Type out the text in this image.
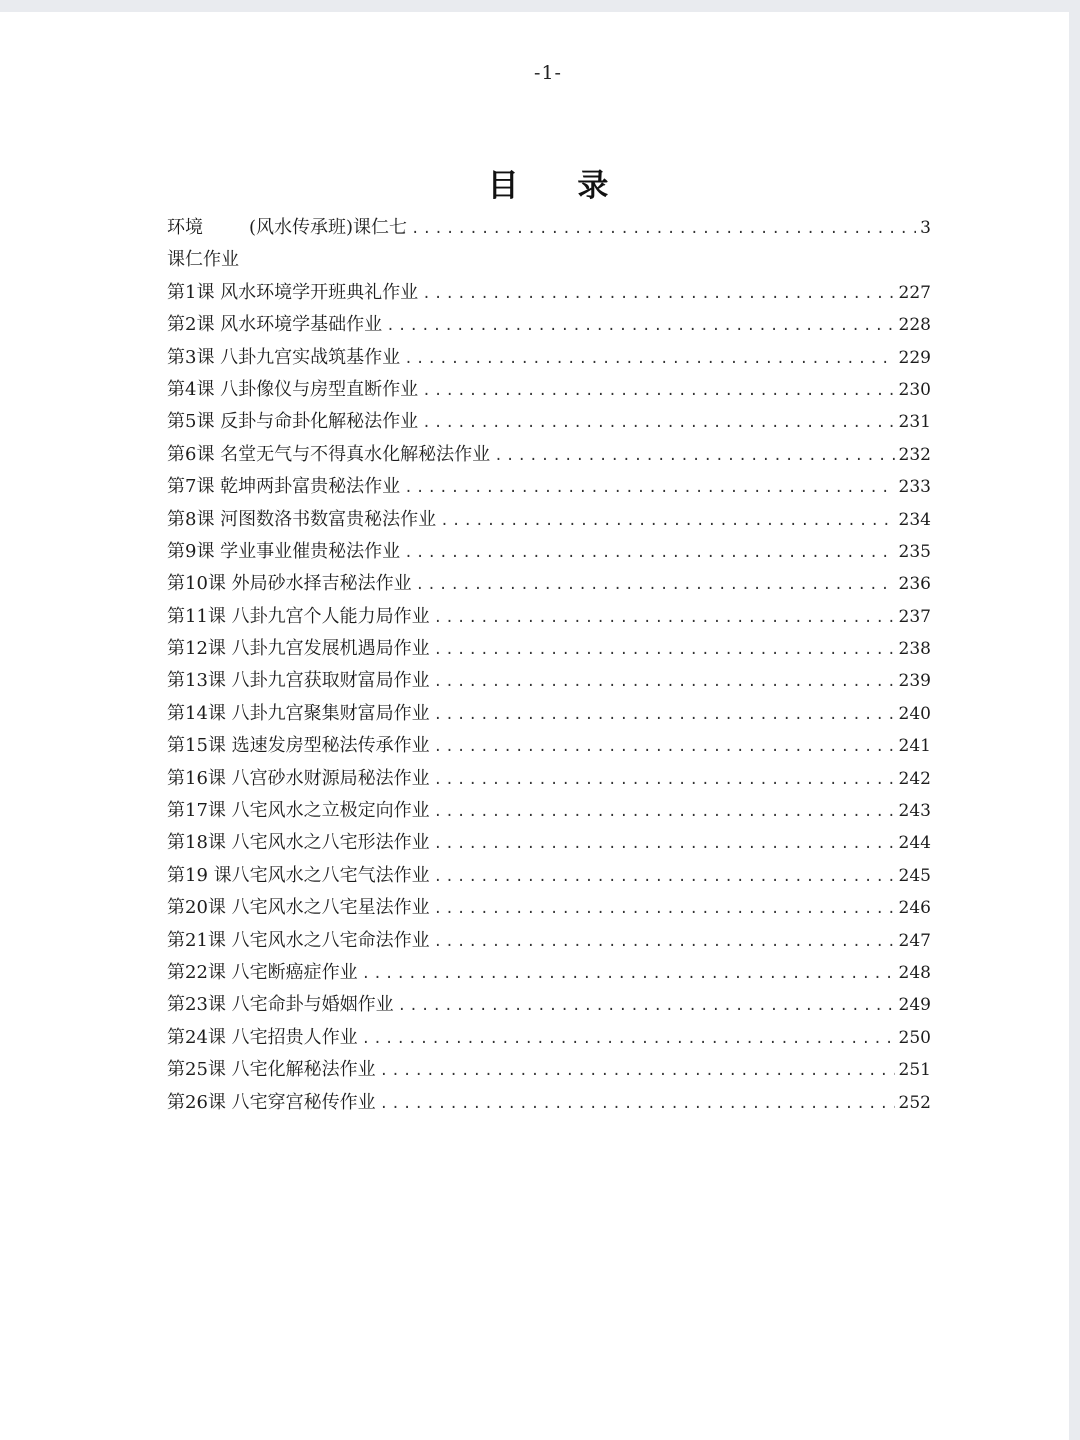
-1-
目 录
环境	(风水传承班)课仁七 .....	3
课仁作业
第1课 风水环境学开班典礼作业 .....	227
第2课 风水环境学基础作业 .....	228
第3课 八卦九宫实战筑基作业 .....	229
第4课 八卦像仪与房型直断作业 .....	230
第5课 反卦与命卦化解秘法作业 .....	231
第6课 名堂无气与不得真水化解秘法作业 .....	232
第7课 乾坤两卦富贵秘法作业 .....	233
第8课 河图数洛书数富贵秘法作业 .....	234
第9课 学业事业催贵秘法作业 .....	235
第10课 外局砂水择吉秘法作业 .....	236
第11课 八卦九宫个人能力局作业 .....	237
第12课 八卦九宫发展机遇局作业 .....	238
第13课 八卦九宫获取财富局作业 .....	239
第14课 八卦九宫聚集财富局作业 .....	240
第15课 选速发房型秘法传承作业 .....	241
第16课 八宫砂水财源局秘法作业 .....	242
第17课 八宅风水之立极定向作业 .....	243
第18课 八宅风水之八宅形法作业 .....	244
第19 课八宅风水之八宅气法作业 .....	245
第20课 八宅风水之八宅星法作业 .....	246
第21课 八宅风水之八宅命法作业 .....	247
第22课 八宅断癌症作业 .....	248
第23课 八宅命卦与婚姻作业 .....	249
第24课 八宅招贵人作业 .....	250
第25课 八宅化解秘法作业 .....	251
第26课 八宅穿宫秘传作业 .....	252
